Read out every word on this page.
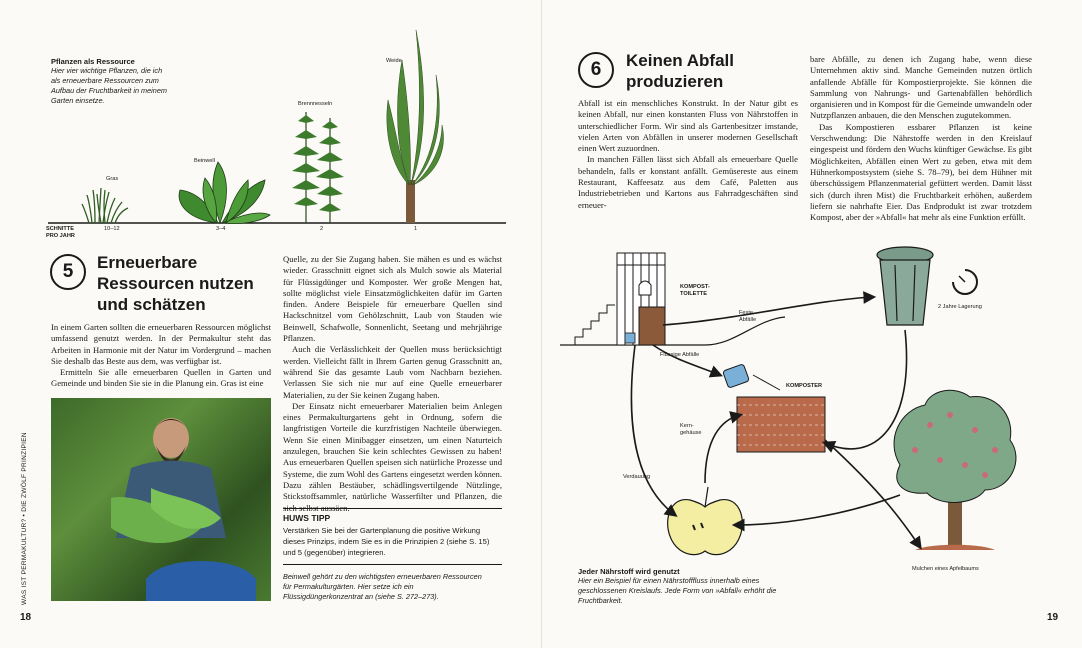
Pflanzen als Ressource
Hier vier wichtige Pflanzen, die ich als erneuerbare Ressourcen zum Aufbau der Fruchtbarkeit in meinem Garten einsetze.
Gras
Beinwell
Brennnesseln
Weide
SCHNITTE PRO JAHR
10–12	3–4	2	1
5	Erneuerbare Ressourcen nutzen und schätzen

In einem Garten sollten die erneuerbaren Ressourcen möglichst umfassend genutzt werden. In der Permakultur steht das Arbeiten in Harmonie mit der Natur im Vordergrund – machen Sie deshalb das Beste aus dem, was verfügbar ist.

Ermitteln Sie alle erneuerbaren Quellen in Garten und Gemeinde und binden Sie sie in die Planung ein. Gras ist eine

Quelle, zu der Sie Zugang haben. Sie mähen es und es wächst wieder. Grasschnitt eignet sich als Mulch sowie als Material für Flüssigdünger und Komposter. Wer große Mengen hat, sollte möglichst viele Einsatzmöglichkeiten dafür im Garten finden. Andere Beispiele für erneuerbare Quellen sind Hackschnitzel vom Gehölzschnitt, Laub von Stauden wie Beinwell, Schafwolle, Sonnenlicht, Seetang und mehrjährige Pflanzen.

Auch die Verlässlichkeit der Quellen muss berücksichtigt werden. Vielleicht fällt in Ihrem Garten genug Grasschnitt an, während Sie das gesamte Laub vom Nachbarn beziehen. Verlassen Sie sich nie nur auf eine Quelle erneuerbarer Materialien, zu der Sie keinen Zugang haben.

Der Einsatz nicht erneuerbarer Materialien beim Anlegen eines Permakulturgartens geht in Ordnung, sofern die langfristigen Vorteile die kurzfristigen Nachteile überwiegen. Wenn Sie einen Minibagger einsetzen, um einen Naturteich anzulegen, brauchen Sie kein schlechtes Gewissen zu haben! Aus erneuerbaren Quellen speisen sich natürliche Prozesse und Systeme, die zum Wohl des Gartens eingesetzt werden können. Dazu zählen Bestäuber, schädlingsvertilgende Nützlinge, Stickstoffsammler, natürliche Wasserfilter und Pflanzen, die sich selbst aussäen.

HUWS TIPP
Verstärken Sie bei der Gartenplanung die positive Wirkung dieses Prinzips, indem Sie es in die Prinzipien 2 (siehe S. 15) und 5 (gegenüber) integrieren.
Beinwell gehört zu den wichtigsten erneuerbaren Ressourcen für Permakulturgärten. Hier setze ich ein Flüssigdüngerkonzentrat an (siehe S. 272–273).
WAS IST PERMAKULTUR? • DIE ZWÖLF PRINZIPIEN
18
6	Keinen Abfall produzieren

Abfall ist ein menschliches Konstrukt. In der Natur gibt es keinen Abfall, nur einen konstanten Fluss von Nährstoffen in unterschiedlicher Form. Wir sind als Gartenbesitzer imstande, vielen Arten von Abfällen in unserer modernen Gesellschaft einen Wert zuzuordnen.

In manchen Fällen lässt sich Abfall als erneuerbare Quelle behandeln, falls er konstant anfällt. Gemüsereste aus einem Restaurant, Kaffeesatz aus dem Café, Paletten aus Industriebetrieben und Kartons aus Fahrradgeschäften sind erneuer-

bare Abfälle, zu denen ich Zugang habe, wenn diese Unternehmen aktiv sind. Manche Gemeinden nutzen örtlich anfallende Abfälle für Kompostierprojekte. Sie können die Sammlung von Nahrungs- und Gartenabfällen behördlich organisieren und in Kompost für die Gemeinde umwandeln oder Nutzpflanzen anbauen, die den Menschen zugutekommen.

Das Kompostieren essbarer Pflanzen ist keine Verschwendung: Die Nährstoffe werden in den Kreislauf eingespeist und fördern den Wuchs künftiger Gewächse. Es gibt Möglichkeiten, Abfällen einen Wert zu geben, etwa mit dem Hühnerkompostsystem (siehe S. 78–79), bei dem Hühner mit überschüssigem Pflanzenmaterial gefüttert werden. Damit lässt sich (durch ihren Mist) die Fruchtbarkeit erhöhen, außerdem liefern sie nahrhafte Eier. Das Endprodukt ist zwar trotzdem Kompost, aber der »Abfall« hat mehr als eine Funktion erfüllt.

KOMPOST-TOILETTE
Feste Abfälle
Flüssige Abfälle
2 Jahre Lagerung
KOMPOSTER
Kern-gehäuse
Verdauung
Mulchen eines Apfelbaums
Jeder Nährstoff wird genutzt
Hier ein Beispiel für einen Nährstofffluss innerhalb eines geschlossenen Kreislaufs. Jede Form von »Abfall« erhöht die Fruchtbarkeit.
19
